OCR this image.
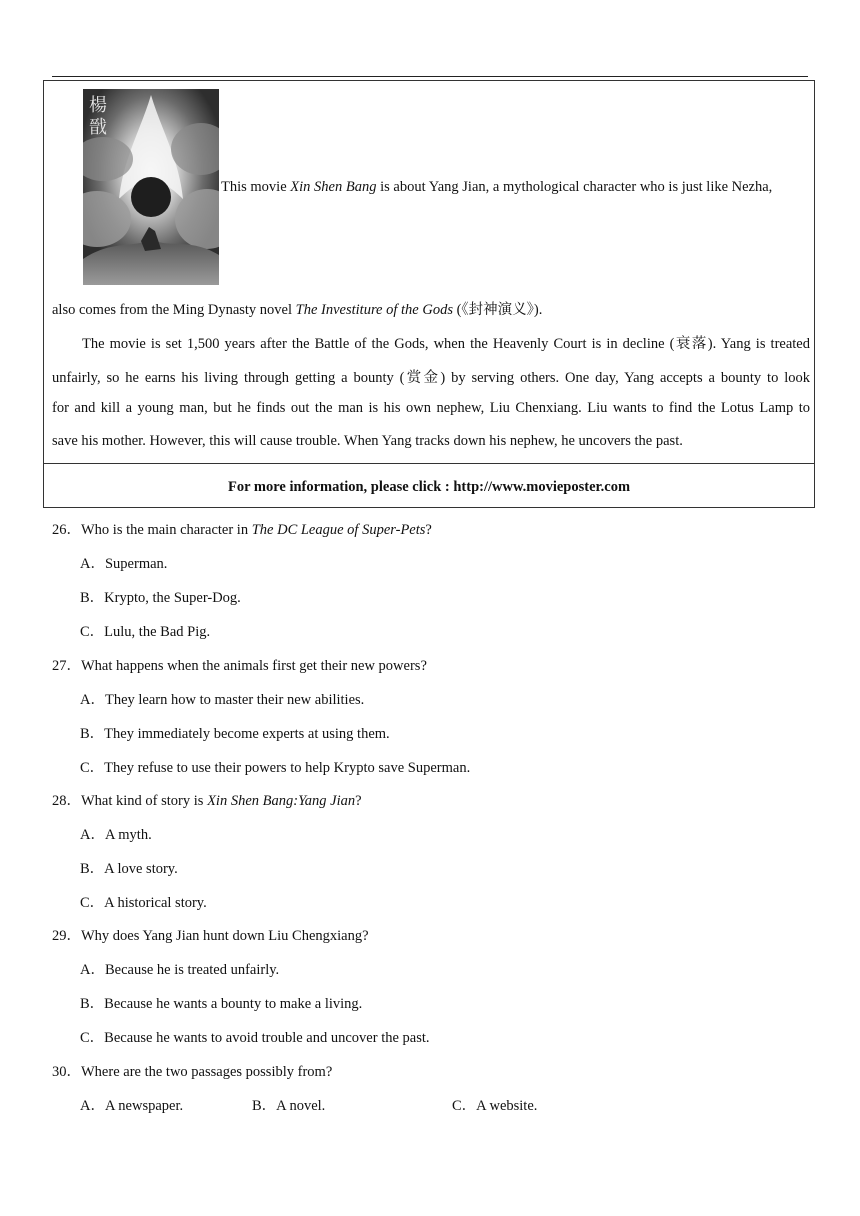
楊
戩
This movie Xin Shen Bang is about Yang Jian, a mythological character who is just like Nezha,
also comes from the Ming Dynasty novel The Investiture of the Gods (《封神演义》).
The movie is set 1,500 years after the Battle of the Gods, when the Heavenly Court is in decline (衰落). Yang is treated
unfairly, so he earns his living through getting a bounty (赏金) by serving others. One day, Yang accepts a bounty to look
for and kill a young man, but he finds out the man is his own nephew, Liu Chenxiang. Liu wants to find the Lotus Lamp to
save his mother. However, this will cause trouble. When Yang tracks down his nephew, he uncovers the past.
For more information, please click : http://www.movieposter.com
26．Who is the main character in The DC League of Super-Pets?
A．Superman.
B．Krypto, the Super-Dog.
C．Lulu, the Bad Pig.
27．What happens when the animals first get their new powers?
A．They learn how to master their new abilities.
B．They immediately become experts at using them.
C．They refuse to use their powers to help Krypto save Superman.
28．What kind of story is Xin Shen Bang:Yang Jian?
A．A myth.
B．A love story.
C．A historical story.
29．Why does Yang Jian hunt down Liu Chengxiang?
A．Because he is treated unfairly.
B．Because he wants a bounty to make a living.
C．Because he wants to avoid trouble and uncover the past.
30．Where are the two passages possibly from?
A．A newspaper.	B．A novel.	C．A website.
